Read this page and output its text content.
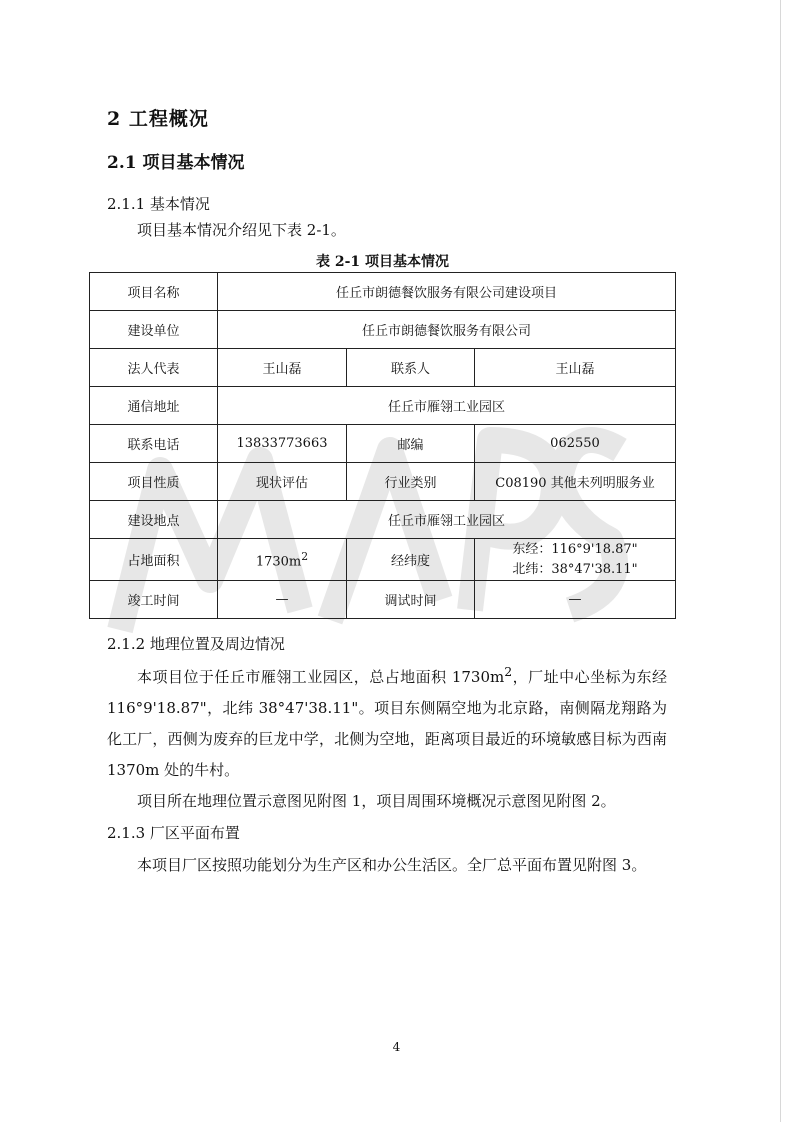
2 工程概况
2.1 项目基本情况
2.1.1 基本情况

项目基本情况介绍见下表 2-1。

表 2-1 项目基本情况
项目名称	任丘市朗德餐饮服务有限公司建设项目		
建设单位	任丘市朗德餐饮服务有限公司		
法人代表	王山磊	联系人	王山磊
通信地址	任丘市雁翎工业园区		
联系电话	13833773663	邮编	062550
项目性质	现状评估	行业类别	C08190 其他未列明服务业
建设地点	任丘市雁翎工业园区		
占地面积	$1730m^2$	经纬度	东经：116°9'18.87"
北纬：38°47'38.11"

竣工时间	—	调试时间	—
2.1.2 地理位置及周边情况

本项目位于任丘市雁翎工业园区，总占地面积 $1730m^2$，厂址中心坐标为东经 116°9'18.87"，北纬 38°47'38.11"。项目东侧隔空地为北京路，南侧隔龙翔路为化工厂，西侧为废弃的巨龙中学，北侧为空地，距离项目最近的环境敏感目标为西南 1370m 处的牛村。

项目所在地理位置示意图见附图 1，项目周围环境概况示意图见附图 2。

2.1.3 厂区平面布置

本项目厂区按照功能划分为生产区和办公生活区。全厂总平面布置见附图 3。

4
